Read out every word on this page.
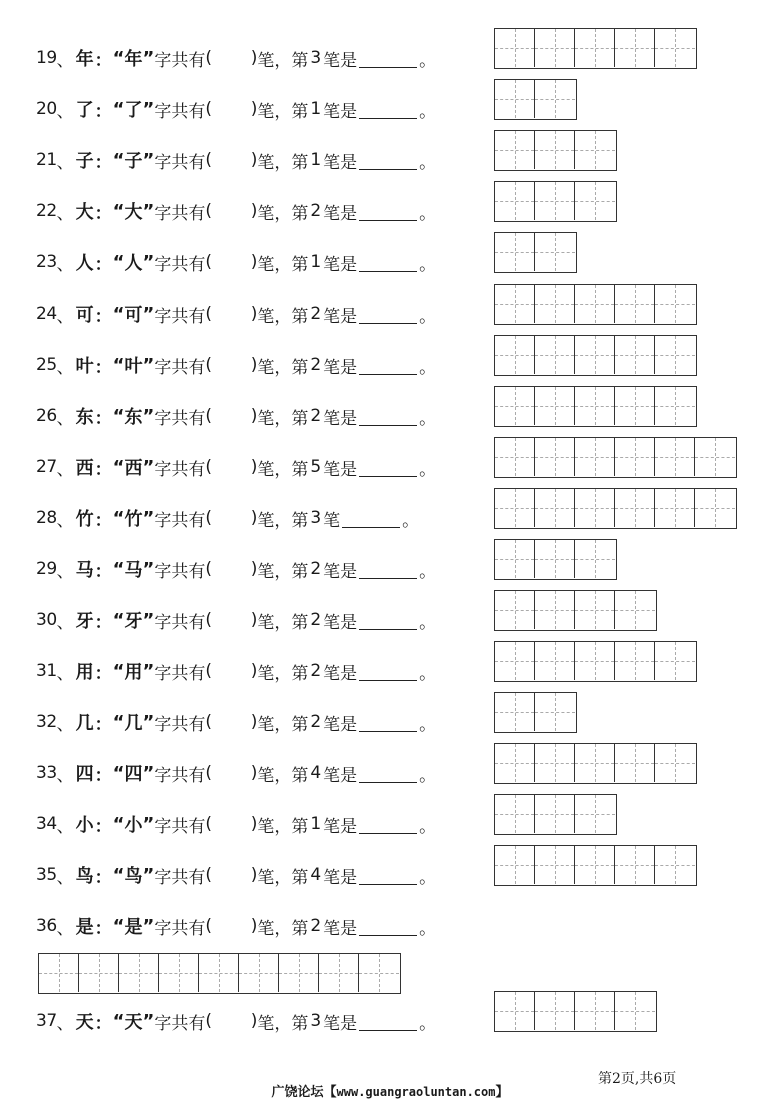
19 、 年 ： “ 年 ” 字共有 ( ) 笔， 第 3 笔是	。
20 、 了 ： “ 了 ” 字共有 ( ) 笔， 第 1 笔是	。
21 、 子 ： “ 子 ” 字共有 ( ) 笔， 第 1 笔是	。
22 、 大 ： “ 大 ” 字共有 ( ) 笔， 第 2 笔是	。
23 、 人 ： “ 人 ” 字共有 ( ) 笔， 第 1 笔是	。
24 、 可 ： “ 可 ” 字共有 ( ) 笔， 第 2 笔是	。
25 、 叶 ： “ 叶 ” 字共有 ( ) 笔， 第 2 笔是	。
26 、 东 ： “ 东 ” 字共有 ( ) 笔， 第 2 笔是	。
27 、 西 ： “ 西 ” 字共有 ( ) 笔， 第 5 笔是	。
28 、 竹 ： “ 竹 ” 字共有 ( ) 笔， 第 3 笔	。
29 、 马 ： “ 马 ” 字共有 ( ) 笔， 第 2 笔是	。
30 、 牙 ： “ 牙 ” 字共有 ( ) 笔， 第 2 笔是	。
31 、 用 ： “ 用 ” 字共有 ( ) 笔， 第 2 笔是	。
32 、 几 ： “ 几 ” 字共有 ( ) 笔， 第 2 笔是	。
33 、 四 ： “ 四 ” 字共有 ( ) 笔， 第 4 笔是	。
34 、 小 ： “ 小 ” 字共有 ( ) 笔， 第 1 笔是	。
35 、 鸟 ： “ 鸟 ” 字共有 ( ) 笔， 第 4 笔是	。
36 、 是 ： “ 是 ” 字共有 ( ) 笔， 第 2 笔是	。
37 、 天 ： “ 天 ” 字共有 ( ) 笔， 第 3 笔是	。
广饶论坛【www.guangraoluntan.com】
第2页,共6页
